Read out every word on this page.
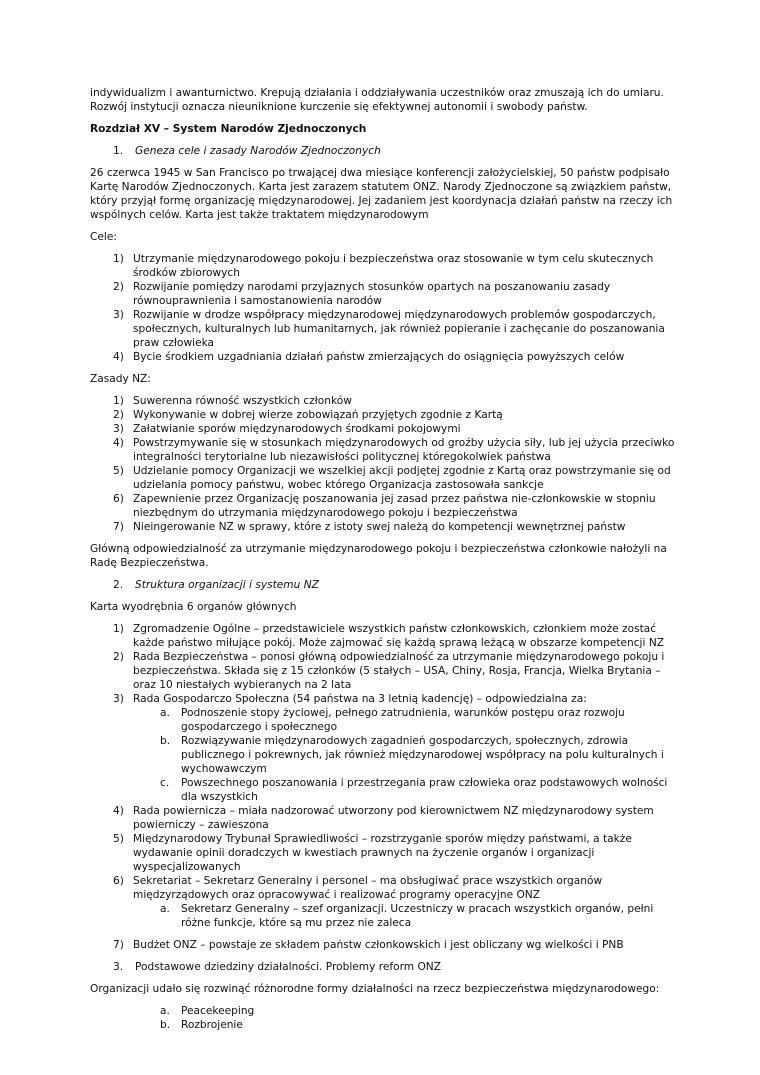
indywidualizm i awanturnictwo. Krepują działania i oddziaływania uczestników oraz zmuszają ich do umiaru.

Rozwój instytucji oznacza nieuniknione kurczenie się efektywnej autonomii i swobody państw.

Rozdział XV – System Narodów Zjednoczonych

1.	Geneza cele i zasady Narodów Zjednoczonych

26 czerwca 1945 w San Francisco po trwającej dwa miesiące konferencji założycielskiej, 50 państw podpisało Kartę Narodów Zjednoczonych. Karta jest zarazem statutem ONZ. Narody Zjednoczone są związkiem państw, który przyjął formę organizację międzynarodowej. Jej zadaniem jest koordynacja działań państw na rzeczy ich wspólnych celów. Karta jest także traktatem międzynarodowym

Cele:

1) Utrzymanie międzynarodowego pokoju i bezpieczeństwa oraz stosowanie w tym celu skutecznych środków zbiorowych
2) Rozwijanie pomiędzy narodami przyjaznych stosunków opartych na poszanowaniu zasady równouprawnienia i samostanowienia narodów
3) Rozwijanie w drodze współpracy międzynarodowej międzynarodowych problemów gospodarczych, społecznych, kulturalnych lub humanitarnych, jak również popieranie i zachęcanie do poszanowania praw człowieka
4) Bycie środkiem uzgadniania działań państw zmierzających do osiągnięcia powyższych celów

Zasady NZ:

1) Suwerenna równość wszystkich członków
2) Wykonywanie w dobrej wierze zobowiązań przyjętych zgodnie z Kartą
3) Załatwianie sporów międzynarodowych środkami pokojowymi
4) Powstrzymywanie się w stosunkach międzynarodowych od groźby użycia siły, lub jej użycia przeciwko integralności terytorialne lub niezawisłości politycznej któregokolwiek państwa
5) Udzielanie pomocy Organizacji we wszelkiej akcji podjętej zgodnie z Kartą oraz powstrzymanie się od udzielania pomocy państwu, wobec którego Organizacja zastosowała sankcje
6) Zapewnienie przez Organizację poszanowania jej zasad przez państwa nie-członkowskie w stopniu niezbędnym do utrzymania międzynarodowego pokoju i bezpieczeństwa
7) Nieingerowanie NZ w sprawy, które z istoty swej należą do kompetencji wewnętrznej państw

Główną odpowiedzialność za utrzymanie międzynarodowego pokoju i bezpieczeństwa członkowie nałożyli na Radę Bezpieczeństwa.

2.	Struktura organizacji i systemu NZ

Karta wyodrębnia 6 organów głównych

1) Zgromadzenie Ogólne – przedstawiciele wszystkich państw członkowskich, członkiem może zostać każde państwo miłujące pokój. Może zajmować się każdą sprawą leżącą w obszarze kompetencji NZ
2) Rada Bezpieczeństwa – ponosi główną odpowiedzialność za utrzymanie międzynarodowego pokoju i bezpieczeństwa. Składa się z 15 członków (5 stałych – USA, Chiny, Rosja, Francja, Wielka Brytania – oraz 10 niestałych wybieranych na 2 lata
3) Rada Gospodarczo Społeczna (54 państwa na 3 letnią kadencję) – odpowiedzialna za:
a.	Podnoszenie stopy życiowej, pełnego zatrudnienia, warunków postępu oraz rozwoju gospodarczego i społecznego
b.	Rozwiązywanie międzynarodowych zagadnień gospodarczych, społecznych, zdrowia publicznego i pokrewnych, jak również międzynarodowej współpracy na polu kulturalnych i wychowawczym
c.	Powszechnego poszanowania i przestrzegania praw człowieka oraz podstawowych wolności dla wszystkich
4) Rada powiernicza – miała nadzorować utworzony pod kierownictwem NZ międzynarodowy system powierniczy – zawieszona
5) Międzynarodowy Trybunał Sprawiedliwości – rozstrzyganie sporów między państwami, a także wydawanie opinii doradczych w kwestiach prawnych na życzenie organów i organizacji wyspecjalizowanych
6) Sekretariat – Sekretarz Generalny i personel – ma obsługiwać prace wszystkich organów międzyrządowych oraz opracowywać i realizować programy operacyjne ONZ
a.	Sekretarz Generalny – szef organizacji. Uczestniczy w pracach wszystkich organów, pełni różne funkcje, które są mu przez nie zaleca
7) Budżet ONZ – powstaje ze składem państw członkowskich i jest obliczany wg wielkości i PNB
3.	Podstawowe dziedziny działalności. Problemy reform ONZ

Organizacji udało się rozwinąć różnorodne formy działalności na rzecz bezpieczeństwa międzynarodowego:

a.	Peacekeeping
b.	Rozbrojenie
